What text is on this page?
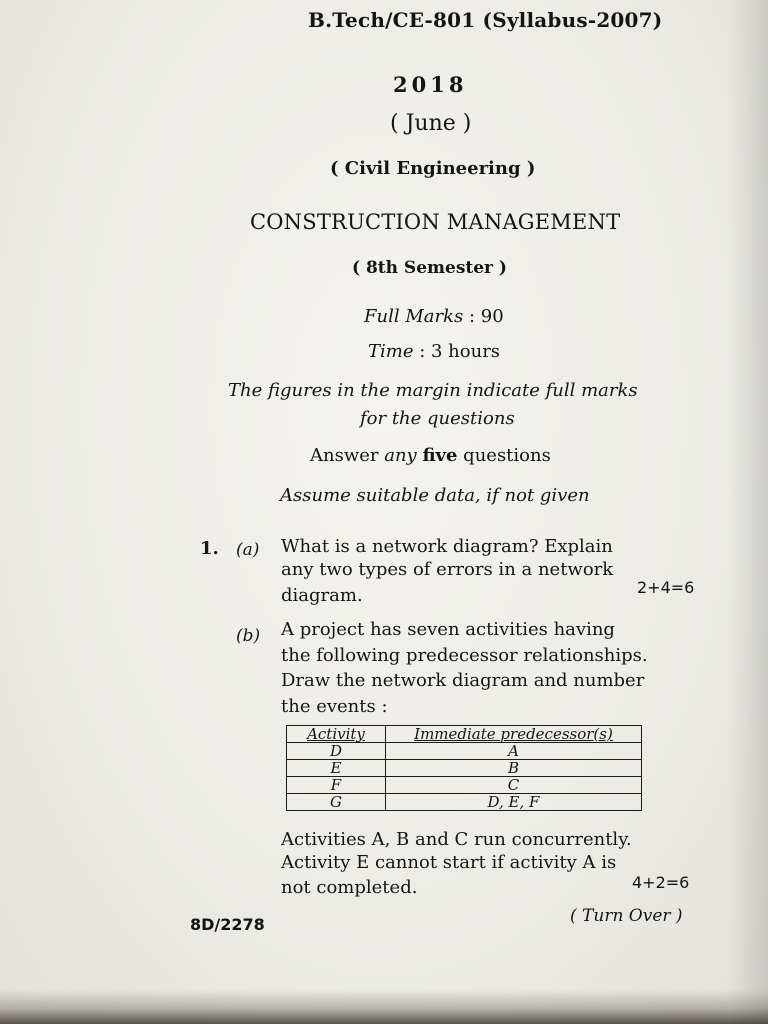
B.Tech/CE-801 (Syllabus-2007)
2018
( June )
( Civil Engineering )
CONSTRUCTION MANAGEMENT
( 8th Semester )
Full Marks : 90
Time : 3 hours
The figures in the margin indicate full marks
for the questions
Answer any five questions
Assume suitable data, if not given
1. (a) What is a network diagram? Explain
any two types of errors in a network
diagram.	2+4=6
(b) A project has seven activities having
the following predecessor relationships.
Draw the network diagram and number
the events :
Activity	Immediate predecessor(s)
D	A
E	B
F	C
G	D, E, F
Activities A, B and C run concurrently.
Activity E cannot start if activity A is
not completed.	4+2=6
8D/2278	( Turn Over )
